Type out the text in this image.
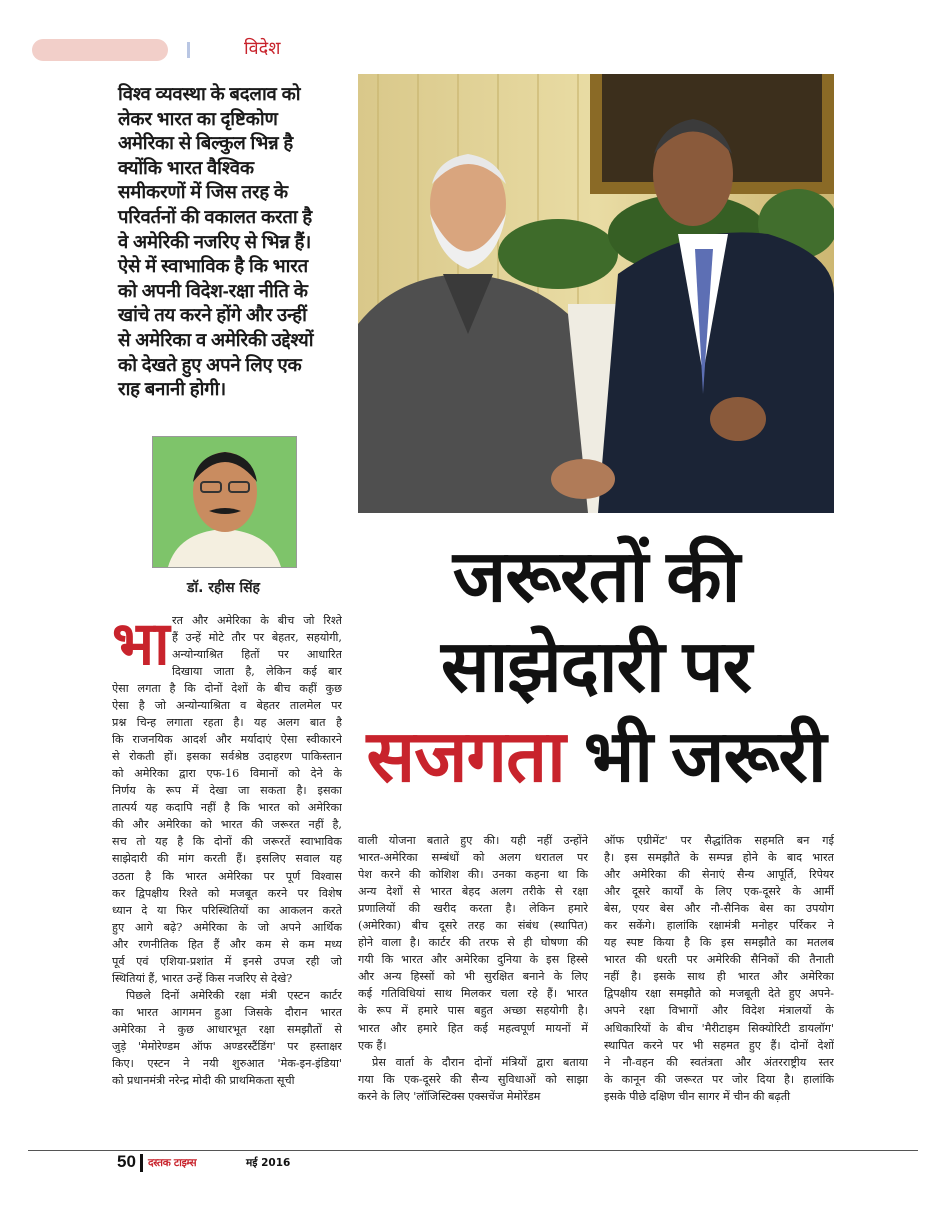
विदेश
विश्व व्यवस्था के बदलाव को
लेकर भारत का दृष्टिकोण
अमेरिका से बिल्कुल भिन्न है
क्योंकि भारत वैश्विक
समीकरणों में जिस तरह के
परिवर्तनों की वकालत करता है
वे अमेरिकी नजरिए से भिन्न हैं।
ऐसे में स्वाभाविक है कि भारत
को अपनी विदेश-रक्षा नीति के
खांचे तय करने होंगे और उन्हीं
से अमेरिका व अमेरिकी उद्देश्यों
को देखते हुए अपने लिए एक
राह बनानी होगी।
डॉ. रहीस सिंह	जरूरतों की
साझेदारी पर
सजगता भी जरूरी
भा रत और अमेरिका के बीच जो रिश्ते
हैं उन्हें मोटे तौर पर बेहतर, सहयोगी,
अन्योन्याश्रित हितों पर आधारित
दिखाया जाता है, लेकिन कई बार
ऐसा लगता है कि दोनों देशों के बीच कहीं कुछ
ऐसा है जो अन्योन्याश्रिता व बेहतर तालमेल पर
प्रश्न चिन्ह लगाता रहता है। यह अलग बात है
कि राजनयिक आदर्श और मर्यादाएं ऐसा स्वीकारने
से रोकती हों। इसका सर्वश्रेष्ठ उदाहरण पाकिस्तान
को अमेरिका द्वारा एफ-16 विमानों को देने के
निर्णय के रूप में देखा जा सकता है। इसका
तात्पर्य यह कदापि नहीं है कि भारत को अमेरिका
की और अमेरिका को भारत की जरूरत नहीं है,
सच तो यह है कि दोनों की जरूरतें स्वाभाविक
साझेदारी की मांग करती हैं। इसलिए सवाल यह
उठता है कि भारत अमेरिका पर पूर्ण विश्वास
कर द्विपक्षीय रिश्ते को मजबूत करने पर विशेष
ध्यान दे या फिर परिस्थितियों का आकलन करते
हुए आगे बढ़े? अमेरिका के जो अपने आर्थिक
और रणनीतिक हित हैं और कम से कम मध्य
पूर्व एवं एशिया-प्रशांत में इनसे उपज रही जो
स्थितियां हैं, भारत उन्हें किस नजरिए से देखे?
पिछले दिनों अमेरिकी रक्षा मंत्री एस्टन कार्टर
का भारत आगमन हुआ जिसके दौरान भारत
अमेरिका ने कुछ आधारभूत रक्षा समझौतों से
जुड़े 'मेमोरेण्डम ऑफ अण्डरस्टैंडिंग' पर हस्ताक्षर
किए। एस्टन ने नयी शुरुआत 'मेक-इन-इंडिया'
को प्रधानमंत्री नरेन्द्र मोदी की प्राथमिकता सूची
वाली योजना बताते हुए की। यही नहीं उन्होंने
भारत-अमेरिका सम्बंधों को अलग धरातल पर
पेश करने की कोशिश की। उनका कहना था कि
अन्य देशों से भारत बेहद अलग तरीके से रक्षा
प्रणालियों की खरीद करता है। लेकिन हमारे
(अमेरिका) बीच दूसरे तरह का संबंध (स्थापित)
होने वाला है। कार्टर की तरफ से ही घोषणा की
गयी कि भारत और अमेरिका दुनिया के इस हिस्से
और अन्य हिस्सों को भी सुरक्षित बनाने के लिए
कई गतिविधियां साथ मिलकर चला रहे हैं। भारत
के रूप में हमारे पास बहुत अच्छा सहयोगी है।
भारत और हमारे हित कई महत्वपूर्ण मायनों में
एक हैं।
प्रेस वार्ता के दौरान दोनों मंत्रियों द्वारा बताया
गया कि एक-दूसरे की सैन्य सुविधाओं को साझा
करने के लिए 'लॉजिस्टिक्स एक्सचेंज मेमोरेंडम
ऑफ एग्रीमेंट' पर सैद्धांतिक सहमति बन गई
है। इस समझौते के सम्पन्न होने के बाद भारत
और अमेरिका की सेनाएं सैन्य आपूर्ति, रिपेयर
और दूसरे कार्यों के लिए एक-दूसरे के आर्मी
बेस, एयर बेस और नौ-सैनिक बेस का उपयोग
कर सकेंगे। हालांकि रक्षामंत्री मनोहर पर्रिकर ने
यह स्पष्ट किया है कि इस समझौते का मतलब
भारत की धरती पर अमेरिकी सैनिकों की तैनाती
नहीं है। इसके साथ ही भारत और अमेरिका
द्विपक्षीय रक्षा समझौते को मजबूती देते हुए अपने-
अपने रक्षा विभागों और विदेश मंत्रालयों के
अधिकारियों के बीच 'मैरीटाइम सिक्योरिटी डायलॉग'
स्थापित करने पर भी सहमत हुए हैं। दोनों देशों
ने नौ-वहन की स्वतंत्रता और अंतरराष्ट्रीय स्तर
के कानून की जरूरत पर जोर दिया है। हालांकि
इसके पीछे दक्षिण चीन सागर में चीन की बढ़ती
50 दस्तक टाइम्स	मई 2016
